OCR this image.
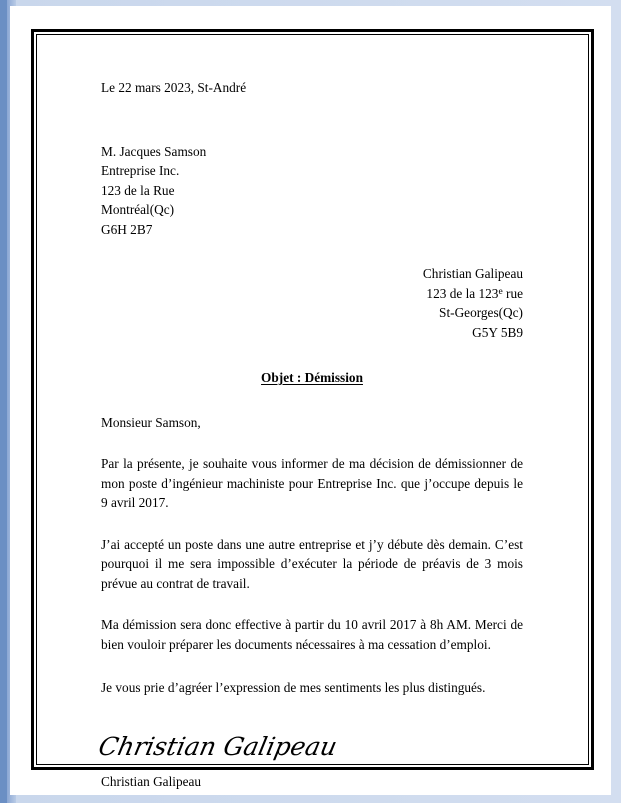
Le 22 mars 2023, St-André
M. Jacques Samson
Entreprise Inc.
123 de la Rue
Montréal(Qc)
G6H 2B7
Christian Galipeau
123 de la 123e rue
St-Georges(Qc)
G5Y 5B9
Objet : Démission
Monsieur Samson,

Par la présente, je souhaite vous informer de ma décision de démissionner de mon poste d’ingénieur machiniste pour Entreprise Inc. que j’occupe depuis le 9 avril 2017.

J’ai accepté un poste dans une autre entreprise et j’y débute dès demain. C’est pourquoi il me sera impossible d’exécuter la période de préavis de 3 mois prévue au contrat de travail.

Ma démission sera donc effective à partir du 10 avril 2017 à 8h AM. Merci de bien vouloir préparer les documents nécessaires à ma cessation d’emploi.

Je vous prie d’agréer l’expression de mes sentiments les plus distingués.

Christian Galipeau
Christian Galipeau
